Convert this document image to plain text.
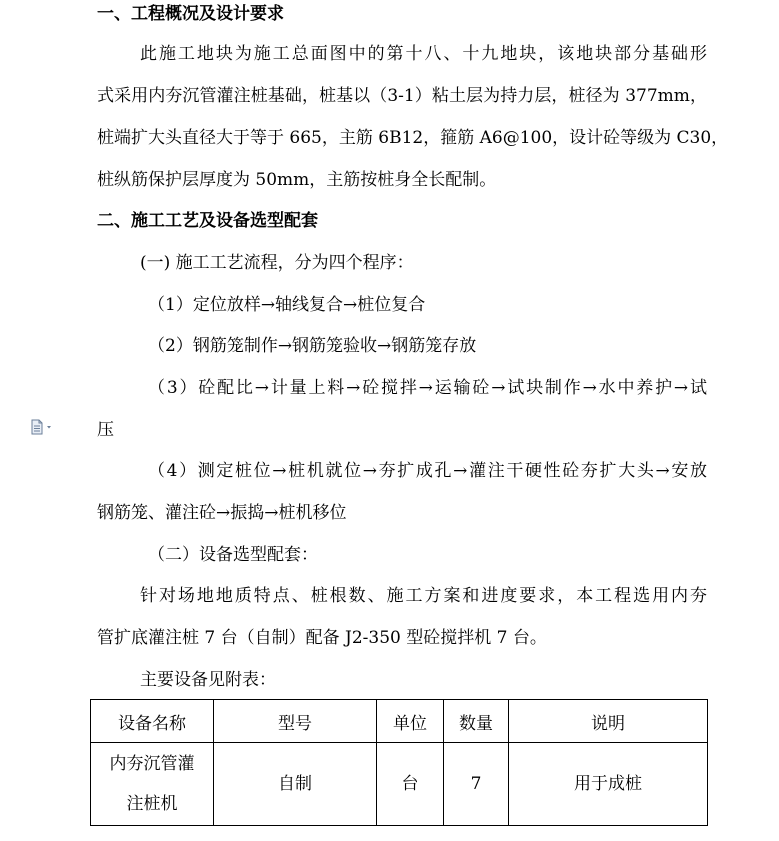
一、工程概况及设计要求
此施工地块为施工总面图中的第十八、十九地块，该地块部分基础形
式采用内夯沉管灌注桩基础，桩基以（3-1）粘土层为持力层，桩径为 377mm，
桩端扩大头直径大于等于 665，主筋 6B12，箍筋 A6@100，设计砼等级为 C30，
桩纵筋保护层厚度为 50mm，主筋按桩身全长配制。
二、施工工艺及设备选型配套
(一) 施工工艺流程，分为四个程序：
（1）定位放样→轴线复合→桩位复合
（2）钢筋笼制作→钢筋笼验收→钢筋笼存放
（3）砼配比→计量上料→砼搅拌→运输砼→试块制作→水中养护→试
压
（4）测定桩位→桩机就位→夯扩成孔→灌注干硬性砼夯扩大头→安放
钢筋笼、灌注砼→振捣→桩机移位
（二）设备选型配套：
针对场地地质特点、桩根数、施工方案和进度要求，本工程选用内夯
管扩底灌注桩 7 台（自制）配备 J2-350 型砼搅拌机 7 台。
主要设备见附表：
设备名称	型号	单位	数量	说明

内夯沉管灌
注桩机	自制	台	7	用于成桩
